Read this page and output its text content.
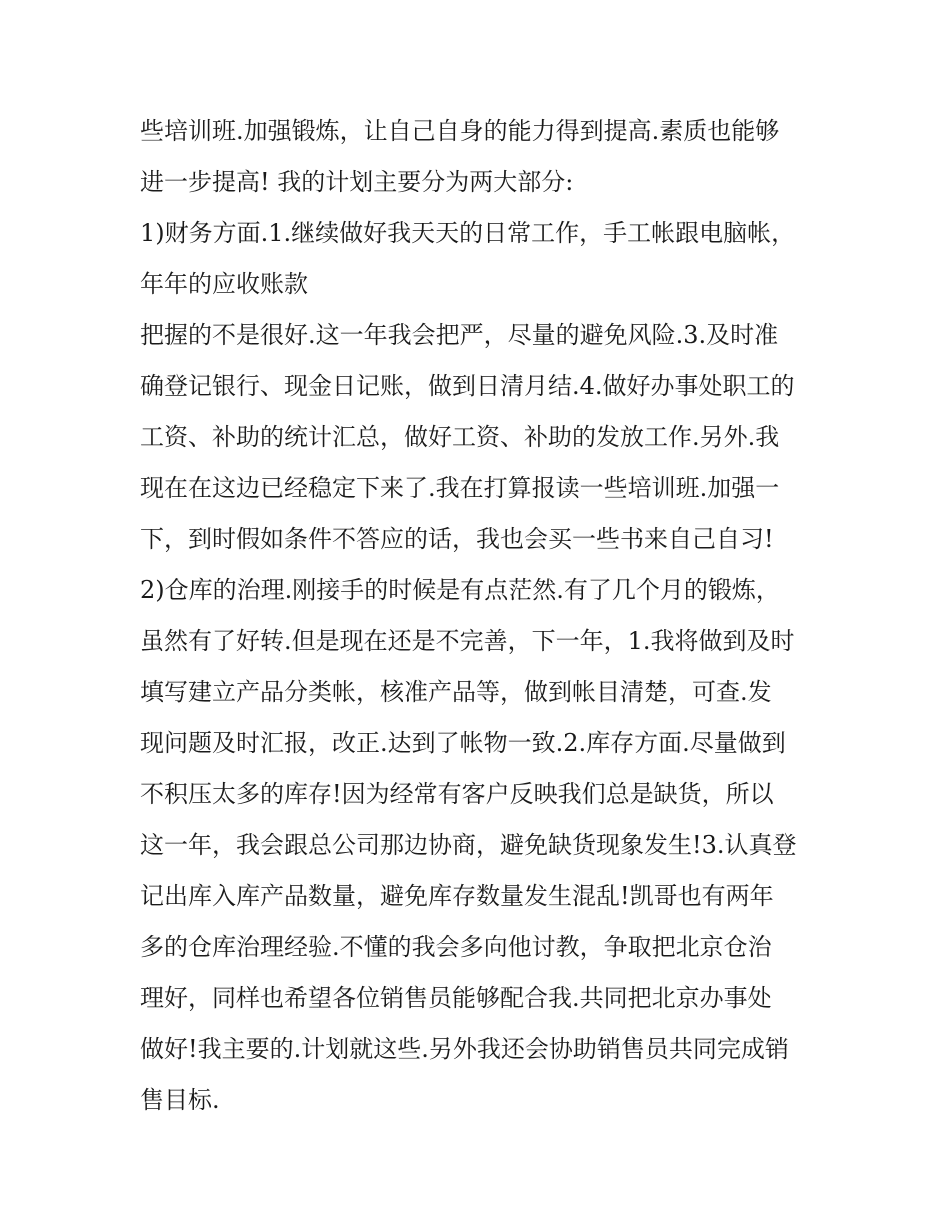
些培训班.加强锻炼，让自己自身的能力得到提高.素质也能够
进一步提高! 我的计划主要分为两大部分:
1)财务方面.1.继续做好我天天的日常工作，手工帐跟电脑帐，
年年的应收账款
把握的不是很好.这一年我会把严，尽量的避免风险.3.及时准
确登记银行、现金日记账，做到日清月结.4.做好办事处职工的
工资、补助的统计汇总，做好工资、补助的发放工作.另外.我
现在在这边已经稳定下来了.我在打算报读一些培训班.加强一
下，到时假如条件不答应的话，我也会买一些书来自己自习!
2)仓库的治理.刚接手的时候是有点茫然.有了几个月的锻炼，
虽然有了好转.但是现在还是不完善，下一年，1.我将做到及时
填写建立产品分类帐，核准产品等，做到帐目清楚，可查.发
现问题及时汇报，改正.达到了帐物一致.2.库存方面.尽量做到
不积压太多的库存!因为经常有客户反映我们总是缺货，所以
这一年，我会跟总公司那边协商，避免缺货现象发生!3.认真登
记出库入库产品数量，避免库存数量发生混乱!凯哥也有两年
多的仓库治理经验.不懂的我会多向他讨教，争取把北京仓治
理好，同样也希望各位销售员能够配合我.共同把北京办事处
做好!我主要的.计划就这些.另外我还会协助销售员共同完成销
售目标.
